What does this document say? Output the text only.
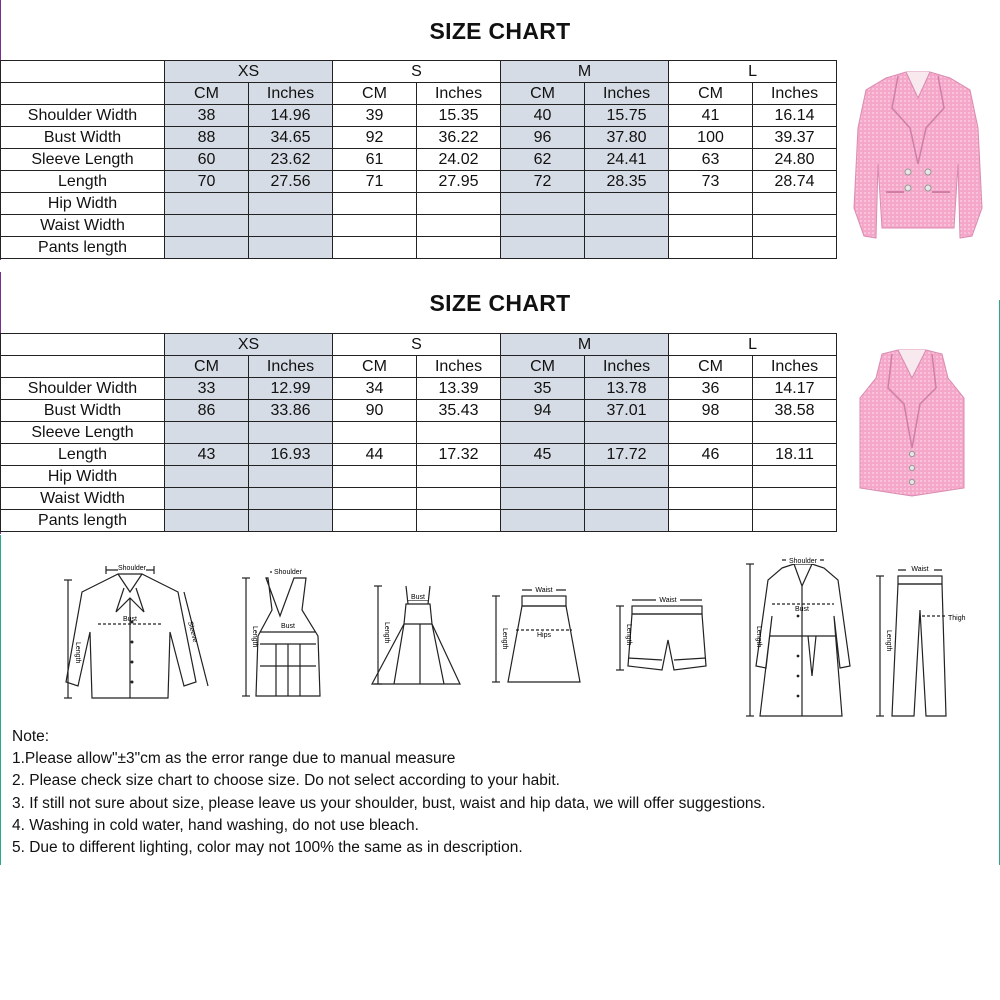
SIZE CHART
	XS		S		M		L	
	CM	Inches	CM	Inches	CM	Inches	CM	Inches
Shoulder Width	38	14.96	39	15.35	40	15.75	41	16.14
Bust Width	88	34.65	92	36.22	96	37.80	100	39.37
Sleeve Length	60	23.62	61	24.02	62	24.41	63	24.80
Length	70	27.56	71	27.95	72	28.35	73	28.74
Hip Width								
Waist Width								
Pants length								
SIZE CHART
	XS		S		M		L	
	CM	Inches	CM	Inches	CM	Inches	CM	Inches
Shoulder Width	33	12.99	34	13.39	35	13.78	36	14.17
Bust Width	86	33.86	90	35.43	94	37.01	98	38.58
Sleeve Length								
Length	43	16.93	44	17.32	45	17.72	46	18.11
Hip Width								
Waist Width								
Pants length								
Shoulder
Bust
Length
Sleeve
Shoulder
Bust
Length
Bust
Length
Waist
Hips
Length
Waist
Length
Shoulder
Bust
Length
Waist
Thigh
Length
Note:
1.Please allow"±3"cm as the error range due to manual measure
2. Please check size chart to choose size. Do not select according to your habit.
3. If still not sure about size, please leave us your shoulder, bust, waist and hip data, we will offer suggestions.
4. Washing in cold water, hand washing, do not use bleach.
5. Due to different lighting, color may not 100% the same as in description.
